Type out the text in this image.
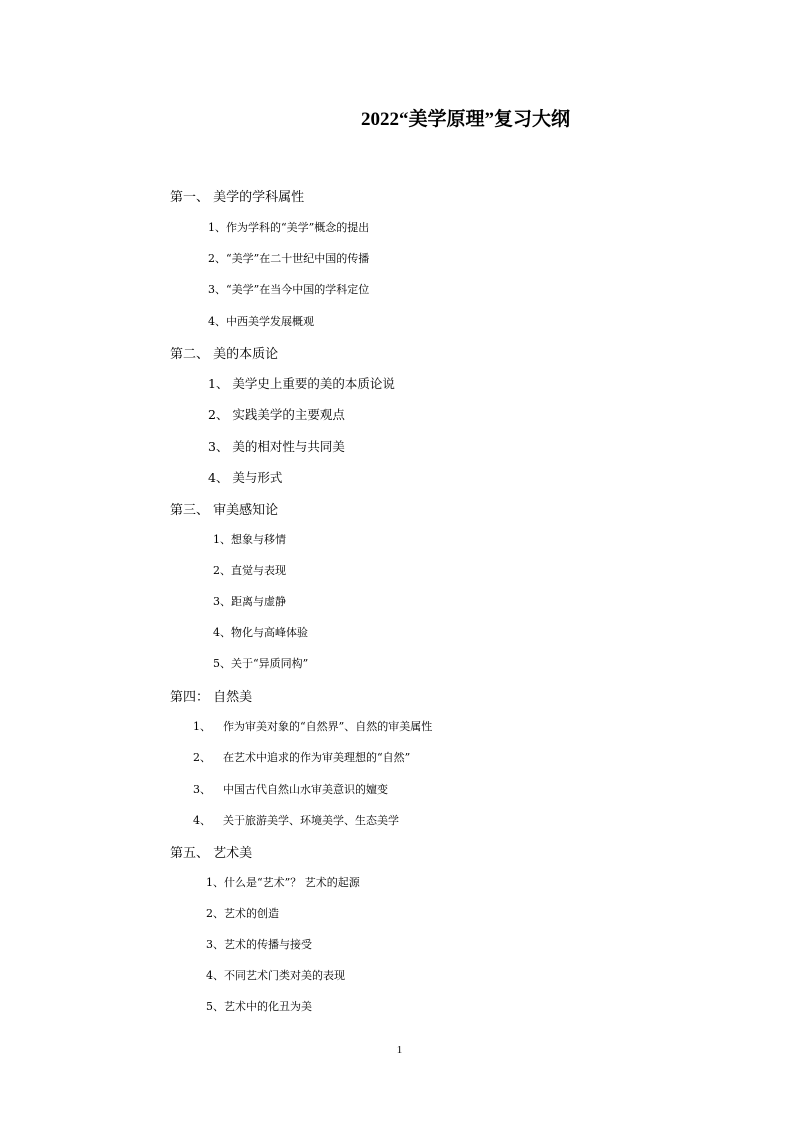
2022“美学原理”复习大纲
第一、 美学的学科属性
1、作为学科的“美学”概念的提出
2、“美学”在二十世纪中国的传播
3、“美学”在当今中国的学科定位
4、中西美学发展概观
第二、 美的本质论
1、 美学史上重要的美的本质论说
2、 实践美学的主要观点
3、 美的相对性与共同美
4、 美与形式
第三、 审美感知论
1、想象与移情
2、直觉与表现
3、距离与虚静
4、物化与高峰体验
5、关于“异质同构”
第四： 自然美
1、 作为审美对象的“自然界”、自然的审美属性
2、 在艺术中追求的作为审美理想的“自然”
3、 中国古代自然山水审美意识的嬗变
4、 关于旅游美学、环境美学、生态美学
第五、 艺术美
1、什么是“艺术”？ 艺术的起源
2、艺术的创造
3、艺术的传播与接受
4、不同艺术门类对美的表现
5、艺术中的化丑为美
1
